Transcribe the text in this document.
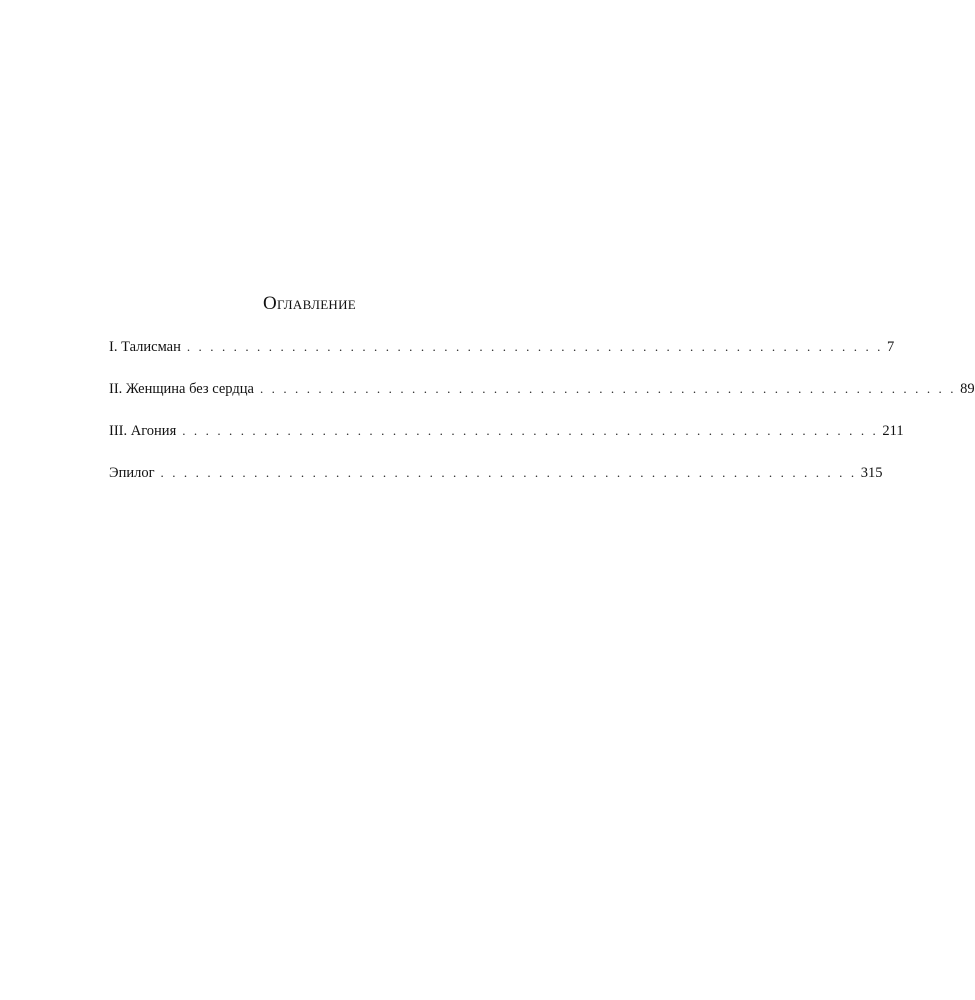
Оглавление
I. Талисман . . . . . . . . . . . . . . . . . . . . . . . . . . . . . . . . . . . . . . . . . . . . . . . . . . . . . . . . . . . . 7
II. Женщина без сердца . . . . . . . . . . . . . . . . . . . . . . . . . . . . . . . . . . . . . . . . . . . . . . . . . . . . . . . . . . . . 89
III. Агония . . . . . . . . . . . . . . . . . . . . . . . . . . . . . . . . . . . . . . . . . . . . . . . . . . . . . . . . . . . . 211
Эпилог . . . . . . . . . . . . . . . . . . . . . . . . . . . . . . . . . . . . . . . . . . . . . . . . . . . . . . . . . . . . 315
